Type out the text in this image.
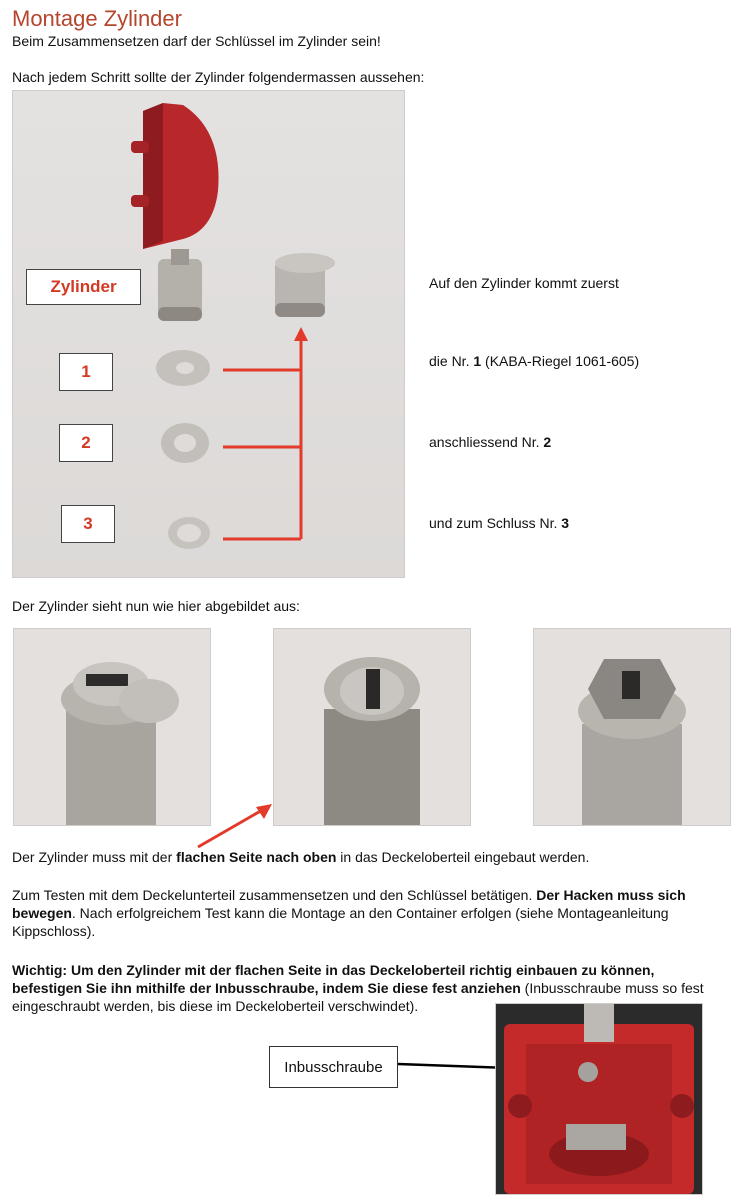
Montage Zylinder
Beim Zusammensetzen darf der Schlüssel im Zylinder sein!
Nach jedem Schritt sollte der Zylinder folgendermassen aussehen:
Zylinder
1
2
3
Auf den Zylinder kommt zuerst
die Nr. 1 (KABA-Riegel 1061-605)
anschliessend Nr. 2
und zum Schluss Nr. 3
Der Zylinder sieht nun wie hier abgebildet aus:
Der Zylinder muss mit der flachen Seite nach oben in das Deckeloberteil eingebaut werden.
Zum Testen mit dem Deckelunterteil zusammensetzen und den Schlüssel betätigen. Der Hacken muss sich bewegen. Nach erfolgreichem Test kann die Montage an den Container erfolgen (siehe Montageanleitung Kippschloss).
Wichtig: Um den Zylinder mit der flachen Seite in das Deckeloberteil richtig einbauen zu können, befestigen Sie ihn mithilfe der Inbusschraube, indem Sie diese fest anziehen (Inbusschraube muss so fest eingeschraubt werden, bis diese im Deckeloberteil verschwindet).
Inbusschraube
